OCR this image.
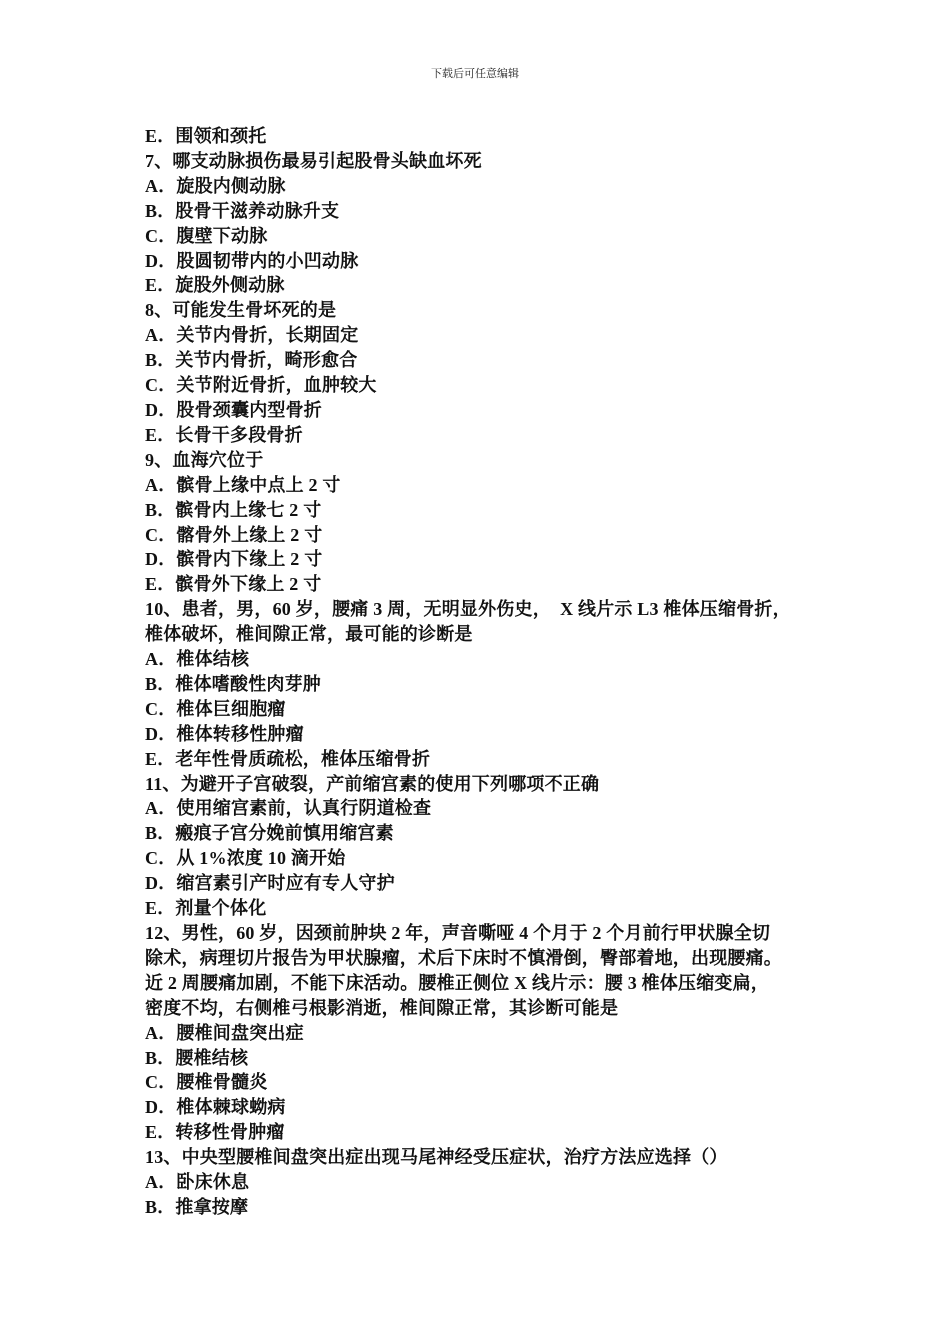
下载后可任意编辑
E．围领和颈托
7、哪支动脉损伤最易引起股骨头缺血坏死
A．旋股内侧动脉
B．股骨干滋养动脉升支
C．腹壁下动脉
D．股圆韧带内的小凹动脉
E．旋股外侧动脉
8、可能发生骨坏死的是
A．关节内骨折，长期固定
B．关节内骨折，畸形愈合
C．关节附近骨折，血肿较大
D．股骨颈囊内型骨折
E．长骨干多段骨折
9、血海穴位于
A．髌骨上缘中点上 2 寸
B．髌骨内上缘七 2 寸
C．髂骨外上缘上 2 寸
D．髌骨内下缘上 2 寸
E．髌骨外下缘上 2 寸
10、患者，男，60 岁，腰痛 3 周，无明显外伤史，　X 线片示 L3 椎体压缩骨折，
椎体破坏，椎间隙正常，最可能的诊断是
A．椎体结核
B．椎体嗜酸性肉芽肿
C．椎体巨细胞瘤
D．椎体转移性肿瘤
E．老年性骨质疏松，椎体压缩骨折
11、为避开子宫破裂，产前缩宫素的使用下列哪项不正确
A．使用缩宫素前，认真行阴道检查
B．瘢痕子宫分娩前慎用缩宫素
C．从 1%浓度 10 滴开始
D．缩宫素引产时应有专人守护
E．剂量个体化
12、男性，60 岁，因颈前肿块 2 年，声音嘶哑 4 个月于 2 个月前行甲状腺全切
除术，病理切片报告为甲状腺瘤，术后下床时不慎滑倒，臀部着地，出现腰痛。
近 2 周腰痛加剧，不能下床活动。腰椎正侧位 X 线片示：腰 3 椎体压缩变扁，
密度不均，右侧椎弓根影消逝，椎间隙正常，其诊断可能是
A．腰椎间盘突出症
B．腰椎结核
C．腰椎骨髓炎
D．椎体棘球蚴病
E．转移性骨肿瘤
13、中央型腰椎间盘突出症出现马尾神经受压症状，治疗方法应选择（）
A．卧床休息
B．推拿按摩
